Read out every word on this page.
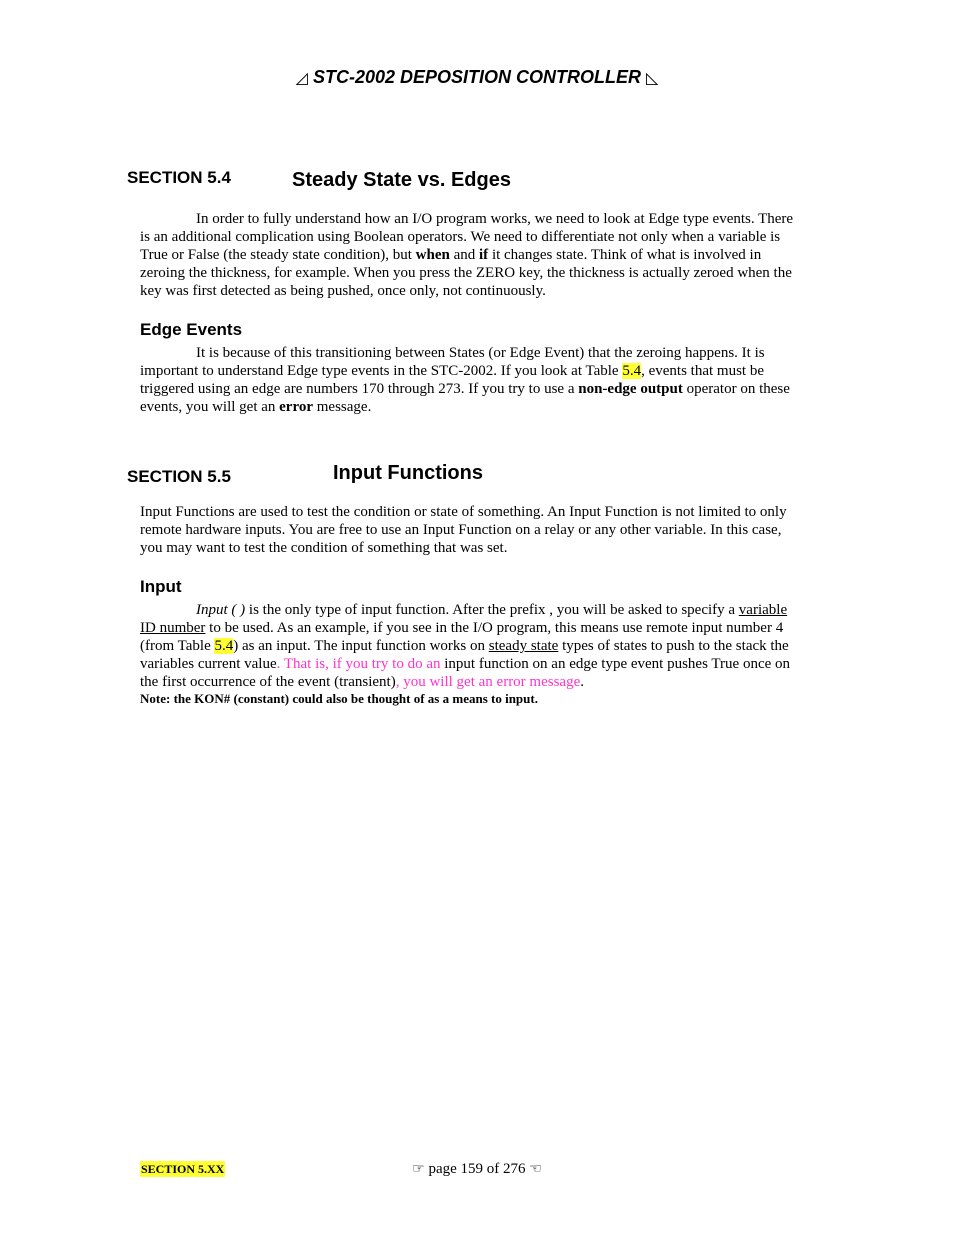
◿ STC-2002 DEPOSITION CONTROLLER ◺
SECTION 5.4	Steady State vs. Edges
In order to fully understand how an I/O program works, we need to look at Edge type events. There is an additional complication using Boolean operators. We need to differentiate not only when a variable is True or False (the steady state condition), but when and if it changes state. Think of what is involved in zeroing the thickness, for example. When you press the ZERO key, the thickness is actually zeroed when the key was first detected as being pushed, once only, not continuously.
Edge Events
It is because of this transitioning between States (or Edge Event) that the zeroing happens. It is important to understand Edge type events in the STC-2002. If you look at Table 5.4, events that must be triggered using an edge are numbers 170 through 273. If you try to use a non-edge output operator on these events, you will get an error message.
SECTION 5.5	Input Functions
Input Functions are used to test the condition or state of something. An Input Function is not limited to only remote hardware inputs. You are free to use an Input Function on a relay or any other variable. In this case, you may want to test the condition of something that was set.
Input
Input ( ) is the only type of input function. After the prefix , you will be asked to specify a variable ID number to be used. As an example, if you see in the I/O program, this means use remote input number 4 (from Table 5.4) as an input. The input function works on steady state types of states to push to the stack the variables current value. That is, if you try to do an input function on an edge type event pushes True once on the first occurrence of the event (transient), you will get an error message.
Note: the KON# (constant) could also be thought of as a means to input.
SECTION 5.XX	☞ page 159 of 276 ☜
